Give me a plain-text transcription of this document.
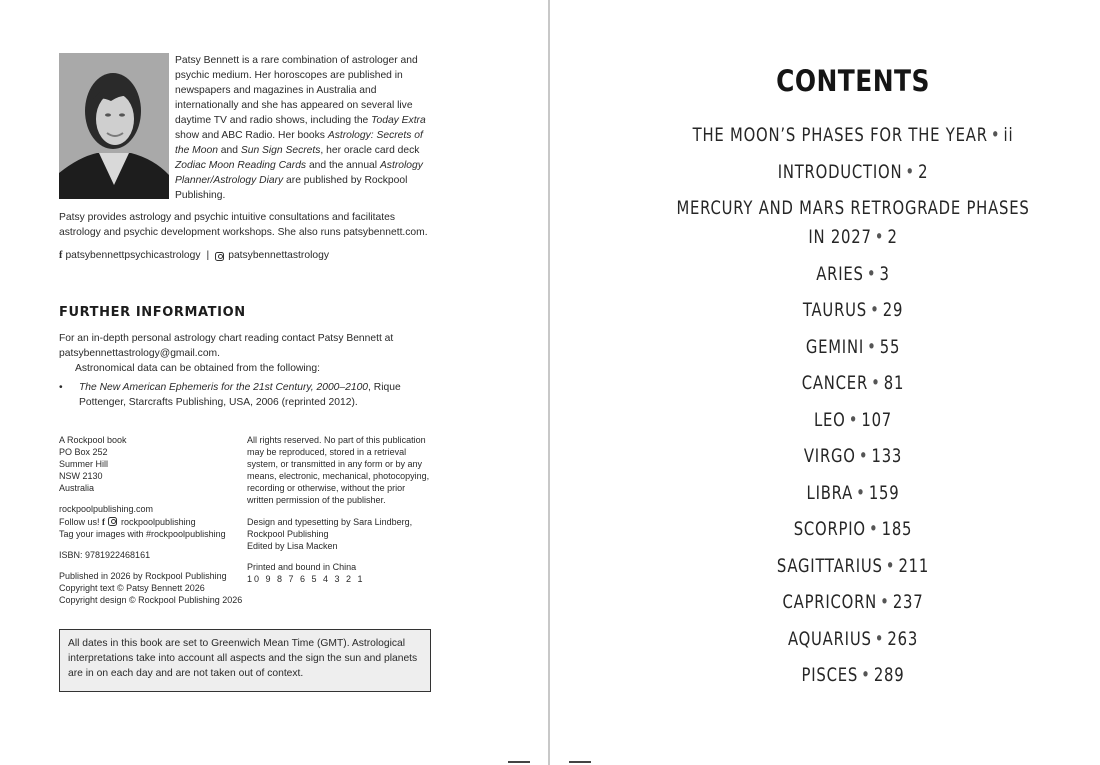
Patsy Bennett is a rare combination of astrologer and psychic medium. Her horoscopes are published in newspapers and magazines in Australia and internationally and she has appeared on several live daytime TV and radio shows, including the Today Extra show and ABC Radio. Her books Astrology: Secrets of the Moon and Sun Sign Secrets, her oracle card deck Zodiac Moon Reading Cards and the annual Astrology Planner/Astrology Diary are published by Rockpool Publishing.
Patsy provides astrology and psychic intuitive consultations and facilitates astrology and psychic development workshops. She also runs patsybennett.com.
f patsybennettpsychicastrology | patsybennettastrology
FURTHER INFORMATION
For an in-depth personal astrology chart reading contact Patsy Bennett at patsybennettastrology@gmail.com.
Astronomical data can be obtained from the following:
• The New American Ephemeris for the 21st Century, 2000–2100, Rique Pottenger, Starcrafts Publishing, USA, 2006 (reprinted 2012).
A Rockpool book
PO Box 252
Summer Hill
NSW 2130
Australia
rockpoolpublishing.com
Follow us! f rockpoolpublishing
Tag your images with #rockpoolpublishing
ISBN: 9781922468161
Published in 2026 by Rockpool Publishing
Copyright text © Patsy Bennett 2026
Copyright design © Rockpool Publishing 2026
All rights reserved. No part of this publication may be reproduced, stored in a retrieval system, or transmitted in any form or by any means, electronic, mechanical, photocopying, recording or otherwise, without the prior written permission of the publisher.
Design and typesetting by Sara Lindberg, Rockpool Publishing
Edited by Lisa Macken
Printed and bound in China
10 9 8 7 6 5 4 3 2 1
All dates in this book are set to Greenwich Mean Time (GMT). Astrological interpretations take into account all aspects and the sign the sun and planets are in on each day and are not taken out of context.
CONTENTS
THE MOON’S PHASES FOR THE YEAR • ii
INTRODUCTION • 2
MERCURY AND MARS RETROGRADE PHASES
IN 2027 • 2
ARIES • 3
TAURUS • 29
GEMINI • 55
CANCER • 81
LEO • 107
VIRGO • 133
LIBRA • 159
SCORPIO • 185
SAGITTARIUS • 211
CAPRICORN • 237
AQUARIUS • 263
PISCES • 289
